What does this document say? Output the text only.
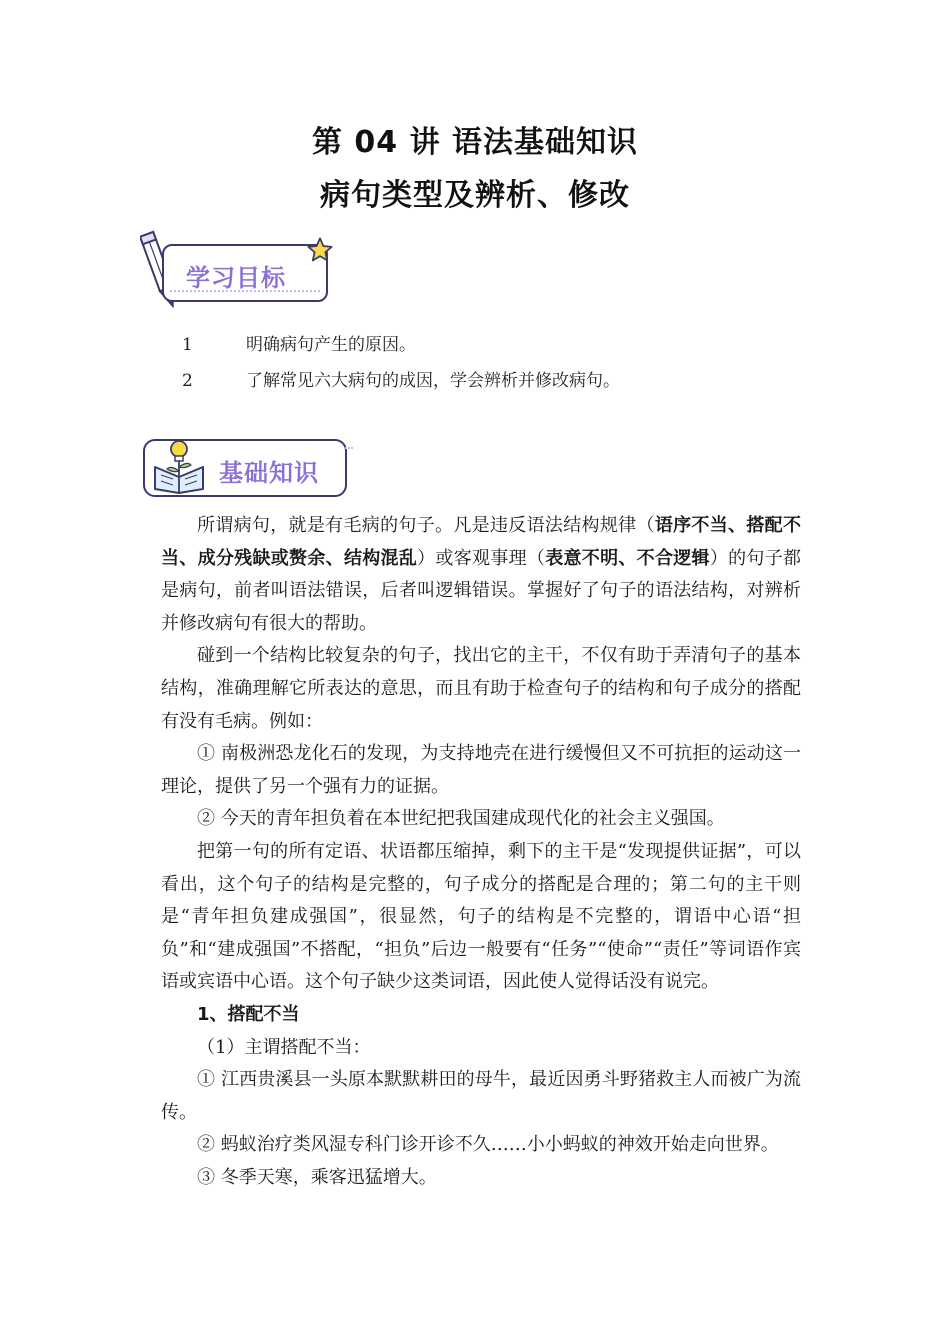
第 04 讲 语法基础知识
病句类型及辨析、修改
学习目标
1	明确病句产生的原因。
2	了解常见六大病句的成因，学会辨析并修改病句。
基础知识

所谓病句，就是有毛病的句子。凡是违反语法结构规律（语序不当、搭配不当、成分残缺或赘余、结构混乱）或客观事理（表意不明、不合逻辑）的句子都是病句，前者叫语法错误，后者叫逻辑错误。掌握好了句子的语法结构，对辨析并修改病句有很大的帮助。

碰到一个结构比较复杂的句子，找出它的主干，不仅有助于弄清句子的基本结构，准确理解它所表达的意思，而且有助于检查句子的结构和句子成分的搭配有没有毛病。例如：

① 南极洲恐龙化石的发现，为支持地壳在进行缓慢但又不可抗拒的运动这一理论，提供了另一个强有力的证据。

② 今天的青年担负着在本世纪把我国建成现代化的社会主义强国。

把第一句的所有定语、状语都压缩掉，剩下的主干是“发现提供证据”，可以看出，这个句子的结构是完整的，句子成分的搭配是合理的；第二句的主干则是“青年担负建成强国”，很显然，句子的结构是不完整的，谓语中心语“担负”和“建成强国”不搭配，“担负”后边一般要有“任务”“使命”“责任”等词语作宾语或宾语中心语。这个句子缺少这类词语，因此使人觉得话没有说完。

1、搭配不当

（1）主谓搭配不当：

① 江西贵溪县一头原本默默耕田的母牛，最近因勇斗野猪救主人而被广为流传。

② 蚂蚁治疗类风湿专科门诊开诊不久……小小蚂蚁的神效开始走向世界。

③ 冬季天寒，乘客迅猛增大。
